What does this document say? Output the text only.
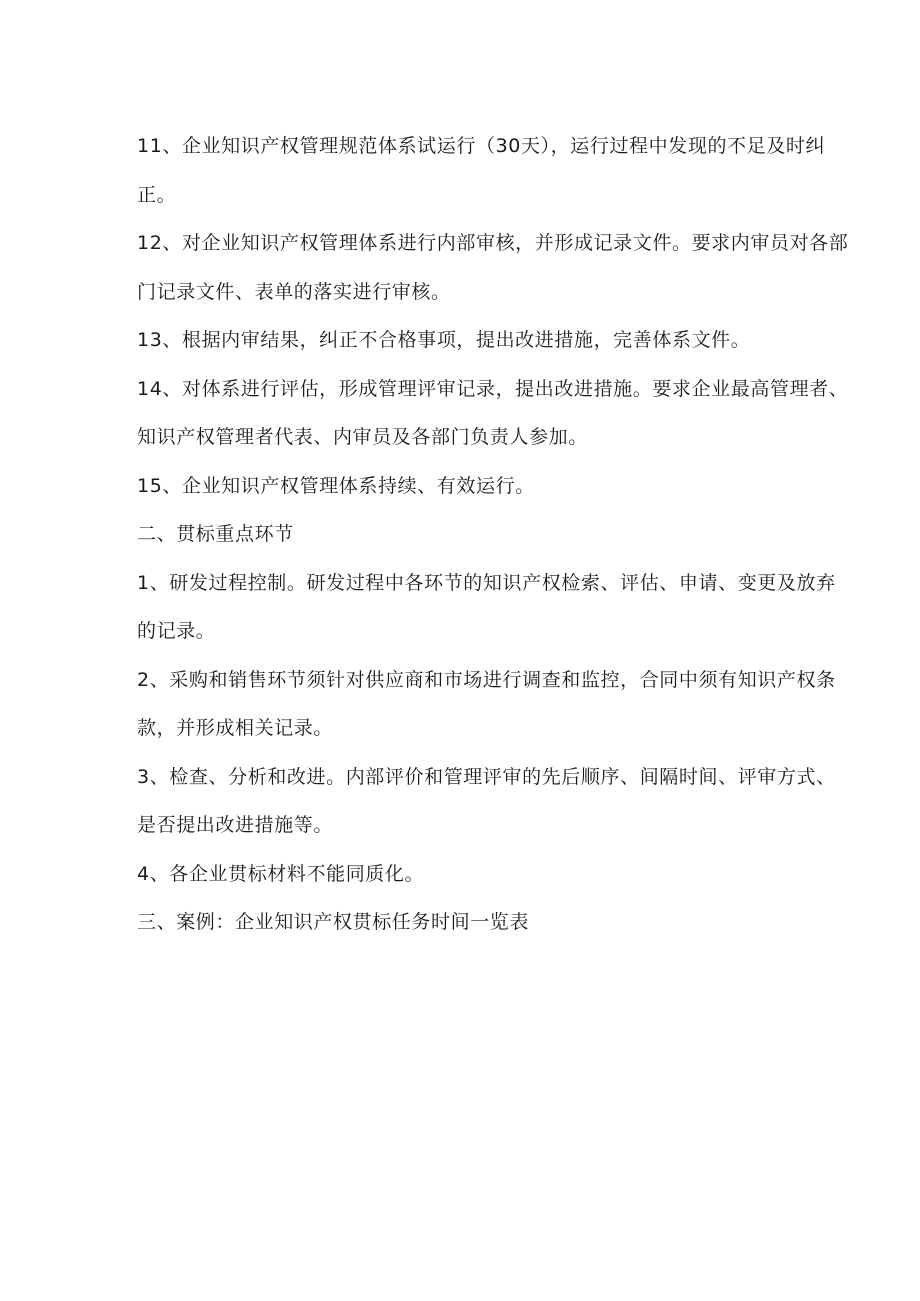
11、企业知识产权管理规范体系试运行（30天），运行过程中发现的不足及时纠正。

12、对企业知识产权管理体系进行内部审核，并形成记录文件。要求内审员对各部门记录文件、表单的落实进行审核。

13、根据内审结果，纠正不合格事项，提出改进措施，完善体系文件。

14、对体系进行评估，形成管理评审记录，提出改进措施。要求企业最高管理者、知识产权管理者代表、内审员及各部门负责人参加。

15、企业知识产权管理体系持续、有效运行。

二、贯标重点环节

1、研发过程控制。研发过程中各环节的知识产权检索、评估、申请、变更及放弃的记录。

2、采购和销售环节须针对供应商和市场进行调查和监控，合同中须有知识产权条款，并形成相关记录。

3、检查、分析和改进。内部评价和管理评审的先后顺序、间隔时间、评审方式、是否提出改进措施等。

4、各企业贯标材料不能同质化。

三、案例：企业知识产权贯标任务时间一览表
